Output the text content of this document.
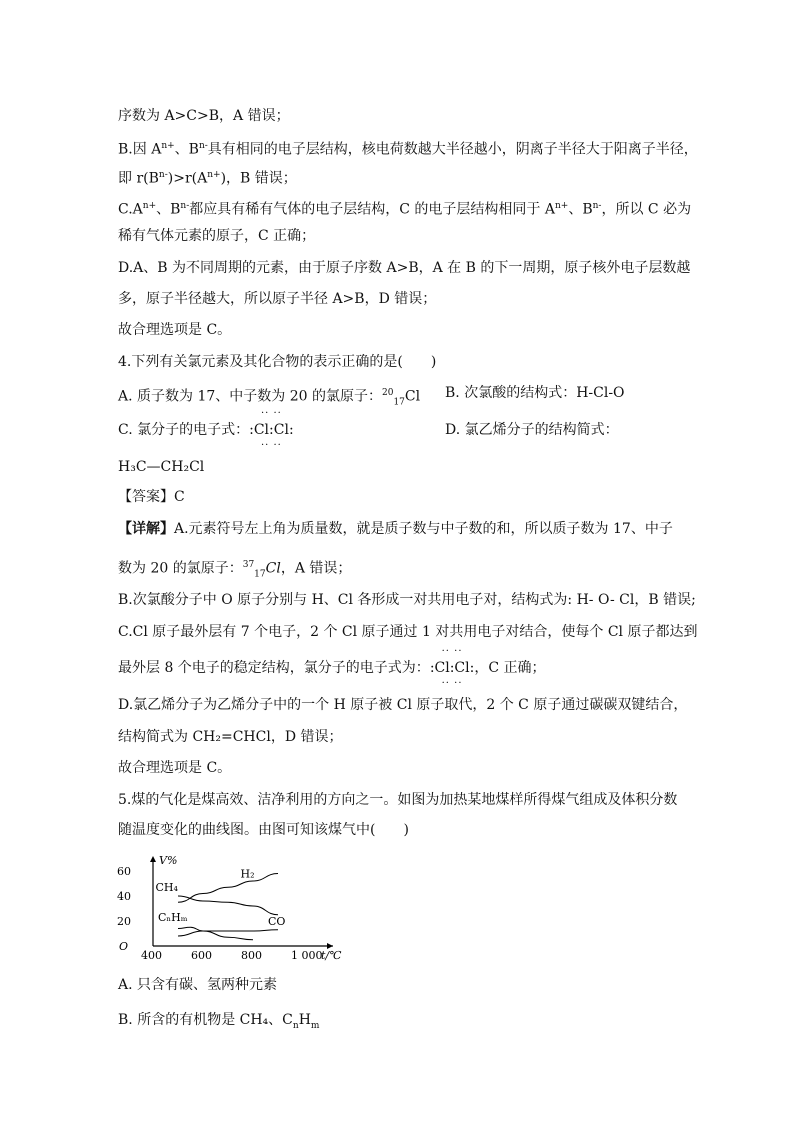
序数为 A>C>B，A 错误；
B.因 $A^{n+}$、$B^{n-}$具有相同的电子层结构，核电荷数越大半径越小，阴离子半径大于阳离子半径，
即 $r(B^{n-})>r(A^{n+})$，B 错误；
$C.A^{n+}$、$B^{n-}$都应具有稀有气体的电子层结构，C 的电子层结构相同于 $A^{n+}$、$B^{n-}$，所以 C 必为
稀有气体元素的原子，C 正确；
D.A、B 为不同周期的元素，由于原子序数 A>B，A 在 B 的下一周期，原子核外电子层数越
多，原子半径越大，所以原子半径 A>B，D 错误；
故合理选项是 C。
4.下列有关氯元素及其化合物的表示正确的是(　　)
A. 质子数为 17、中子数为 20 的氯原子：$^{20}_{17}$Cl B. 次氯酸的结构式：H-Cl-O
C. 氯分子的电子式：
·· ··
:Cl:Cl:
·· ··
D. 氯乙烯分子的结构简式：
H₃C—CH₂Cl
【答案】C
【详解】A.元素符号左上角为质量数，就是质子数与中子数的和，所以质子数为 17、中子
数为 20 的氯原子：$^{37}_{17}$Cl，A 错误；
B.次氯酸分子中 O 原子分别与 H、Cl 各形成一对共用电子对，结构式为: H- O- Cl，B 错误;
C.Cl 原子最外层有 7 个电子，2 个 Cl 原子通过 1 对共用电子对结合，使每个 Cl 原子都达到
最外层 8 个电子的稳定结构，氯分子的电子式为：
·· ··
:Cl:Cl:
·· ··
，C 正确；
D.氯乙烯分子为乙烯分子中的一个 H 原子被 Cl 原子取代，2 个 C 原子通过碳碳双键结合，
结构简式为 CH₂=CHCl，D 错误；
故合理选项是 C。
5.煤的气化是煤高效、洁净利用的方向之一。如图为加热某地煤样所得煤气组成及体积分数
随温度变化的曲线图。由图可知该煤气中(　　)
V%
t/℃
O
20
40
60
400	600	800	1 000
H₂
CH₄
CO
CₙHₘ
A. 只含有碳、氢两种元素
B. 所含的有机物是 CH₄、$C_nH_m$
